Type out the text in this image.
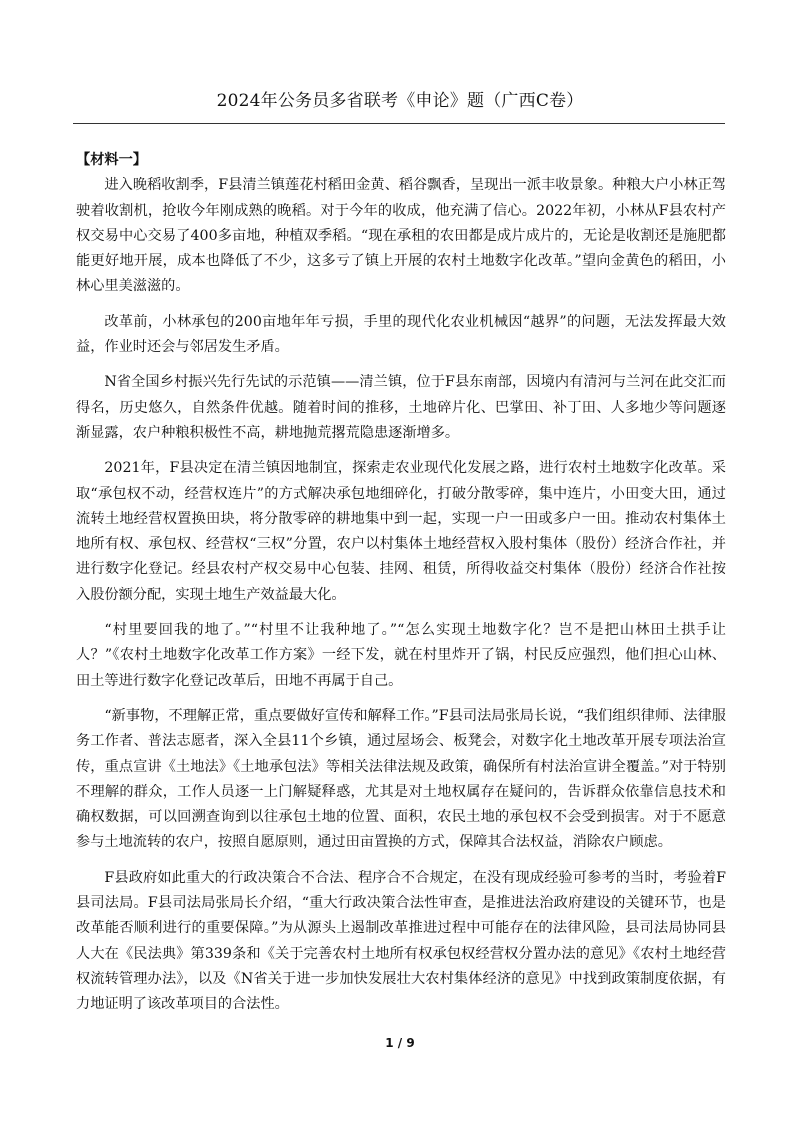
2024年公务员多省联考《申论》题（广西C卷）

【材料一】

进入晚稻收割季，F县清兰镇莲花村稻田金黄、稻谷飘香，呈现出一派丰收景象。种粮大户小林正驾驶着收割机，抢收今年刚成熟的晚稻。对于今年的收成，他充满了信心。2022年初，小林从F县农村产权交易中心交易了400多亩地，种植双季稻。“现在承租的农田都是成片成片的，无论是收割还是施肥都能更好地开展，成本也降低了不少，这多亏了镇上开展的农村土地数字化改革。”望向金黄色的稻田，小林心里美滋滋的。

改革前，小林承包的200亩地年年亏损，手里的现代化农业机械因“越界”的问题，无法发挥最大效益，作业时还会与邻居发生矛盾。

N省全国乡村振兴先行先试的示范镇——清兰镇，位于F县东南部，因境内有清河与兰河在此交汇而得名，历史悠久，自然条件优越。随着时间的推移，土地碎片化、巴掌田、补丁田、人多地少等问题逐渐显露，农户种粮积极性不高，耕地抛荒撂荒隐患逐渐增多。

2021年，F县决定在清兰镇因地制宜，探索走农业现代化发展之路，进行农村土地数字化改革。采取“承包权不动，经营权连片”的方式解决承包地细碎化，打破分散零碎，集中连片，小田变大田，通过流转土地经营权置换田块，将分散零碎的耕地集中到一起，实现一户一田或多户一田。推动农村集体土地所有权、承包权、经营权“三权”分置，农户以村集体土地经营权入股村集体（股份）经济合作社，并进行数字化登记。经县农村产权交易中心包装、挂网、租赁，所得收益交村集体（股份）经济合作社按入股份额分配，实现土地生产效益最大化。

“村里要回我的地了。”“村里不让我种地了。”“怎么实现土地数字化？岂不是把山林田土拱手让人？”《农村土地数字化改革工作方案》一经下发，就在村里炸开了锅，村民反应强烈，他们担心山林、田土等进行数字化登记改革后，田地不再属于自己。

“新事物，不理解正常，重点要做好宣传和解释工作。”F县司法局张局长说，“我们组织律师、法律服务工作者、普法志愿者，深入全县11个乡镇，通过屋场会、板凳会，对数字化土地改革开展专项法治宣传，重点宣讲《土地法》《土地承包法》等相关法律法规及政策，确保所有村法治宣讲全覆盖。”对于特别不理解的群众，工作人员逐一上门解疑释惑，尤其是对土地权属存在疑问的，告诉群众依靠信息技术和确权数据，可以回溯查询到以往承包土地的位置、面积，农民土地的承包权不会受到损害。对于不愿意参与土地流转的农户，按照自愿原则，通过田亩置换的方式，保障其合法权益，消除农户顾虑。

F县政府如此重大的行政决策合不合法、程序合不合规定，在没有现成经验可参考的当时，考验着F县司法局。F县司法局张局长介绍，“重大行政决策合法性审查，是推进法治政府建设的关键环节，也是改革能否顺利进行的重要保障。”为从源头上遏制改革推进过程中可能存在的法律风险，县司法局协同县人大在《民法典》第339条和《关于完善农村土地所有权承包权经营权分置办法的意见》《农村土地经营权流转管理办法》，以及《N省关于进一步加快发展壮大农村集体经济的意见》中找到政策制度依据，有力地证明了该改革项目的合法性。

1 / 9
